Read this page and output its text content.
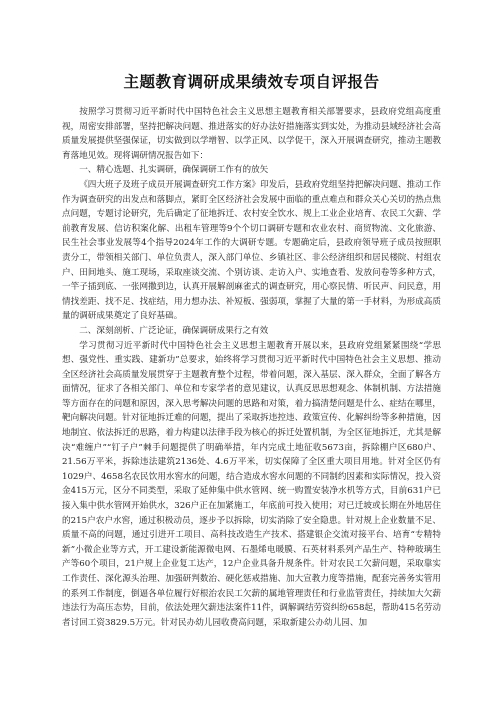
主题教育调研成果绩效专项自评报告

按照学习贯彻习近平新时代中国特色社会主义思想主题教育相关部署要求，县政府党组高度重视，周密安排部署，坚持把解决问题、推进落实的好办法好措施落实到实处，为推动县域经济社会高质量发展提供坚强保证，切实做到以学增智、以学正风、以学促干，深入开展调查研究，推动主题教育落地见效。现将调研情况报告如下：

一、精心选题、扎实调研，确保调研工作有的放矢

《四大班子及班子成员开展调查研究工作方案》印发后，县政府党组坚持把解决问题、推动工作作为调查研究的出发点和落脚点，紧盯全区经济社会发展中面临的重点难点和群众关心关切的热点焦点问题，专题讨论研究，先后确定了征地拆迁、农村安全饮水、规上工业企业培育、农民工欠薪、学前教育发展、信访积案化解、出租车管理等9个个切口调研专题和农业农村、商贸物流、文化旅游、民生社会事业发展等4个指导2024年工作的大调研专题。专题确定后，县政府领导班子成员按照职责分工，带领相关部门、单位负责人，深入部门单位、乡镇社区、非公经济组织和居民楼院、村组农户、田间地头、施工现场，采取座谈交流、个别访谈、走访入户、实地查看、发放问卷等多种方式，一竿子插到底、一张网撒到边，认真开展解剖麻雀式的调查研究，用心察民情、听民声、问民意，用情找差距、找不足、找症结，用力想办法、补短板、强弱项，掌握了大量的第一手材料，为形成高质量的调研成果奠定了良好基础。

二、深刻剖析、广泛论证，确保调研成果行之有效

学习贯彻习近平新时代中国特色社会主义思想主题教育开展以来，县政府党组紧紧围绕“学思想、强党性、重实践、建新功”总要求，始终将学习贯彻习近平新时代中国特色社会主义思想、推动全区经济社会高质量发展贯穿于主题教育整个过程，带着问题，深入基层、深入群众，全面了解各方面情况，征求了各相关部门、单位和专家学者的意见建议，认真反思思想观念、体制机制、方法措施等方面存在的问题和原因，深入思考解决问题的思路和对策，着力搞清楚问题是什么、症结在哪里，靶向解决问题。针对征地拆迁难的问题，提出了采取拆违控违、政策宣传、化解纠纷等多种措施，因地制宜、依法拆迁的思路，着力构建以法律手段为核心的拆迁处置机制，为全区征地拆迁，尤其是解决“难缠户”“钉子户”棘手问题提供了明确举措，年内完成土地征收5673亩，拆除棚户区680户、21.56万平米，拆除违法建筑2136处、4.6万平米，切实保障了全区重大项目用地。针对全区仍有1029户、4658名农民饮用水窖水的问题，结合造成水窖水问题的不同制约因素和实际情况，投入资金415万元，区分不同类型，采取了延伸集中供水管网、统一购置安装净水机等方式，目前631户已接入集中供水管网开始供水，326户正在加紧施工，年底前可投入使用；对已迁坡或长期在外地居住的215户农户水窖，通过积极动员，逐步予以拆除，切实消除了安全隐患。针对规上企业数量不足、质量不高的问题，通过引进开工项目、高科技改造生产技术、搭建银企交流对接平台、培育“专精特新”小微企业等方式，开工建设新能源微电网、石墨烯电暖膜、石英材料系列产品生产、特种玻璃生产等60个项目，21户规上企业复工达产，12户企业具备升规条件。针对农民工欠薪问题，采取靠实工作责任、深化源头治理、加强研判数治、硬化惩戒措施、加大宣教力度等措施，配套完善务实管用的系列工作制度，倒逼各单位履行好根治农民工欠薪的属地管理责任和行业监管责任，持续加大欠薪违法行为高压态势，目前，依法处理欠薪违法案件11件，调解调结劳资纠纷658起，帮助415名劳动者讨回工资3829.5万元。针对民办幼儿园收费高问题，采取新建公办幼儿园、加
